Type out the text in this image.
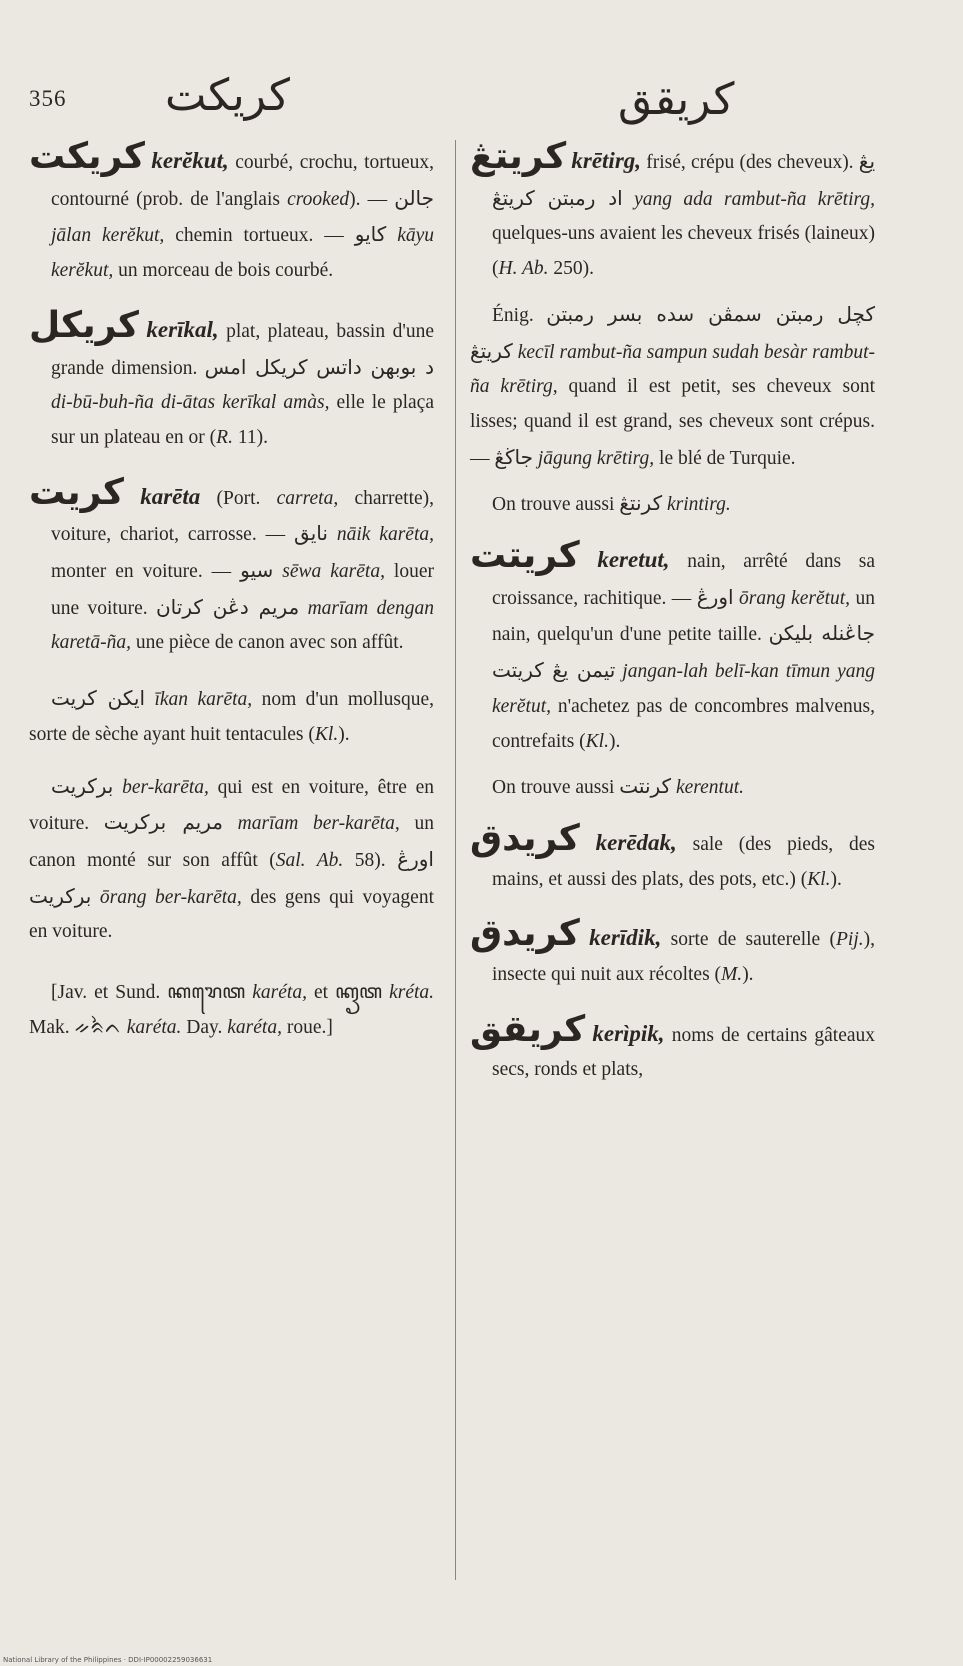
356 كريكت	كريقق

كريكت kerĕkut, courbé, crochu, tortueux, contourné (prob. de l'anglais crooked). — جالن jālan kerĕkut, chemin tortueux. — كايو kāyu kerĕkut, un morceau de bois courbé.

كريكل kerīkal, plat, plateau, bassin d'une grande dimension. د بوبهن داتس كريكل امس di-bū-buh-ña di-ātas kerīkal amàs, elle le plaça sur un plateau en or (R. 11).

كريت karēta (Port. carreta, charrette), voiture, chariot, carrosse. — نايق nāik karēta, monter en voiture. — سيو sēwa karēta, louer une voiture. مريم دڠن كرتان marīam dengan karetā-ña, une pièce de canon avec son affût.

ايكن كريت īkan karēta, nom d'un mollusque, sorte de sèche ayant huit tentacules (Kl.).

بركريت ber-karēta, qui est en voiture, être en voiture. مريم بركريت marīam ber-karēta, un canon monté sur son affût (Sal. Ab. 58). اورڠ بركريت ōrang ber-karēta, des gens qui voyagent en voiture.

[Jav. et Sund. ꦏꦫꦺꦠ karéta, et ꦏꦽꦠ kréta. Mak. ᨀᨑᨛᨈ karéta. Day. karéta, roue.]

كريتڠ krētirg, frisé, crépu (des cheveux). يڠ اد رمبتن كريتڠ yang ada rambut-ña krētirg, quelques-uns avaient les cheveux frisés (laineux) (H. Ab. 250).

Énig. كچل رمبتن سمڤن سده بسر رمبتن كريتڠ kecīl rambut-ña sampun sudah besàr rambut-ña krētirg, quand il est petit, ses cheveux sont lisses; quand il est grand, ses cheveux sont crépus. — جاڬڠ jāgung krētirg, le blé de Turquie.

On trouve aussi كرنتڠ krintirg.

كريتت keretut, nain, arrêté dans sa croissance, rachitique. — اورڠ ōrang kerĕtut, un nain, quelqu'un d'une petite taille. جاڠنله بليكن تيمن يڠ كريتت jangan-lah belī-kan tīmun yang kerĕtut, n'achetez pas de concombres malvenus, contrefaits (Kl.).

On trouve aussi كرنتت kerentut.

كريدق kerēdak, sale (des pieds, des mains, et aussi des plats, des pots, etc.) (Kl.).

كريدق kerīdik, sorte de sauterelle (Pij.), insecte qui nuit aux récoltes (M.).

كريقق kerìpik, noms de certains gâteaux secs, ronds et plats,

National Library of the Philippines · DDI-IP00002259036631
